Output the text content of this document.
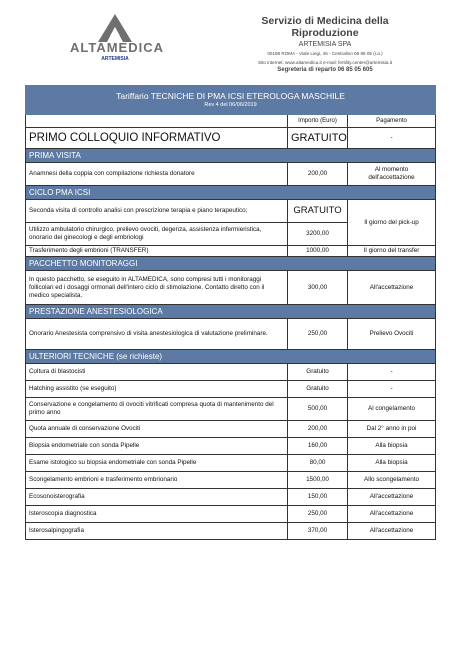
ALTAMEDICA
ARTEMISIA
Servizio di Medicina della Riproduzione
ARTEMISIA SPA
00198 ROMA - Viale Liegi, 45 - Centralino 06 85 05 (r.a.)
Sito internet: www.altamedica.it e-mail: fertility.center@artemisia.it
Segreteria di reparto 06 85 05 605
Tariffario TECNICHE DI PMA ICSI ETEROLOGA MASCHILE
Rev 4 del 06/06/2019		

	Importo (Euro)	Pagamento
PRIMO COLLOQUIO INFORMATIVO	GRATUITO	-
PRIMA VISITA		
Anamnesi della coppia con compilazione richiesta donatore	200,00	Al momento dell'accettazione
CICLO PMA ICSI		
Seconda visita di controllo analisi con prescrizione terapia e piano terapeutico;	GRATUITO	Il giorno del pick-up
Utilizzo ambulatorio chirurgico, prelievo ovociti, degenza, assistenza infermieristica, onorario dei ginecologi e degli embriologi	3200,00	
Trasferimento degli embrioni (TRANSFER)	1000,00	Il giorno del transfer
PACCHETTO MONITORAGGI		
In questo pacchetto, se eseguito in ALTAMEDICA, sono compresi tutti i monitoraggi follicolari ed i dosaggi ormonali dell'intero ciclo di stimolazione. Contatto diretto con il medico specialista.	300,00	All'accettazione
PRESTAZIONE ANESTESIOLOGICA		
Onorario Anestesista comprensivo di visita anestesiologica di valutazione preliminare.	250,00	Prelievo Ovociti
ULTERIORI TECNICHE (se richieste)		
Coltura di blastocisti	Gratuito	-
Hatching assistito (se eseguito)	Gratuito	-
Conservazione e congelamento di ovociti vitrificati compresa quota di mantenimento del primo anno	500,00	Al congelamento
Quota annuale di conservazione Ovociti	200,00	Dal 2° anno in poi
Biopsia endometriale con sonda Pipelle	160,00	Alla biopsia
Esame istologico su biopsia endometriale con sonda Pipelle	80,00	Alla biopsia
Scongelamento embrioni e trasferimento embrionario	1500,00	Allo scongelamento
Ecosonoisterografia	150,00	All'accettazione
Isteroscopia diagnostica	250,00	All'accettazione
Isterosalpingografia	370,00	All'accettazione
